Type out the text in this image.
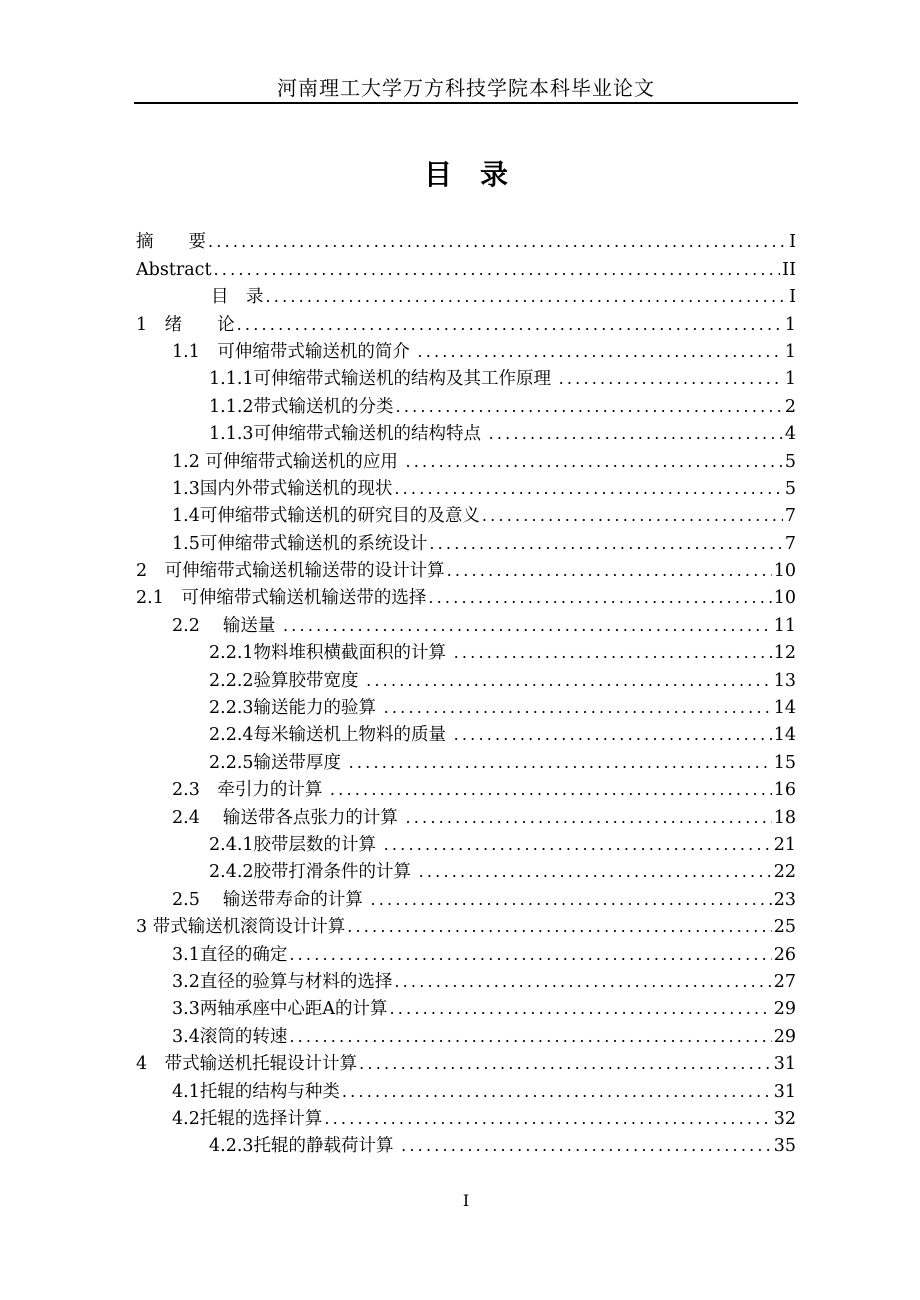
河南理工大学万方科技学院本科毕业论文
目　录
摘　　要 .....	I
Abstract .....	II
目　录 .....	I
1　绪　　论 .....	1
1.1　可伸缩带式输送机的简介 .....	1
1.1.1可伸缩带式输送机的结构及其工作原理 .....	1
1.1.2带式输送机的分类 .....	2
1.1.3可伸缩带式输送机的结构特点 .....	4
1.2 可伸缩带式输送机的应用 .....	5
1.3国内外带式输送机的现状 .....	5
1.4可伸缩带式输送机的研究目的及意义 .....	7
1.5可伸缩带式输送机的系统设计 .....	7
2　可伸缩带式输送机输送带的设计计算 .....	10
2.1　可伸缩带式输送机输送带的选择 .....	10
2.2　 输送量 .....	11
2.2.1物料堆积横截面积的计算 .....	12
2.2.2验算胶带宽度 .....	13
2.2.3输送能力的验算 .....	14
2.2.4每米输送机上物料的质量 .....	14
2.2.5输送带厚度 .....	15
2.3　牵引力的计算 .....	16
2.4　 输送带各点张力的计算 .....	18
2.4.1胶带层数的计算 .....	21
2.4.2胶带打滑条件的计算 .....	22
2.5　 输送带寿命的计算 .....	23
3 带式输送机滚筒设计计算 .....	25
3.1直径的确定 .....	26
3.2直径的验算与材料的选择 .....	27
3.3两轴承座中心距A的计算 .....	29
3.4滚筒的转速 .....	29
4　带式输送机托辊设计计算 .....	31
4.1托辊的结构与种类 .....	31
4.2托辊的选择计算 .....	32
4.2.3托辊的静载荷计算 .....	35
I
